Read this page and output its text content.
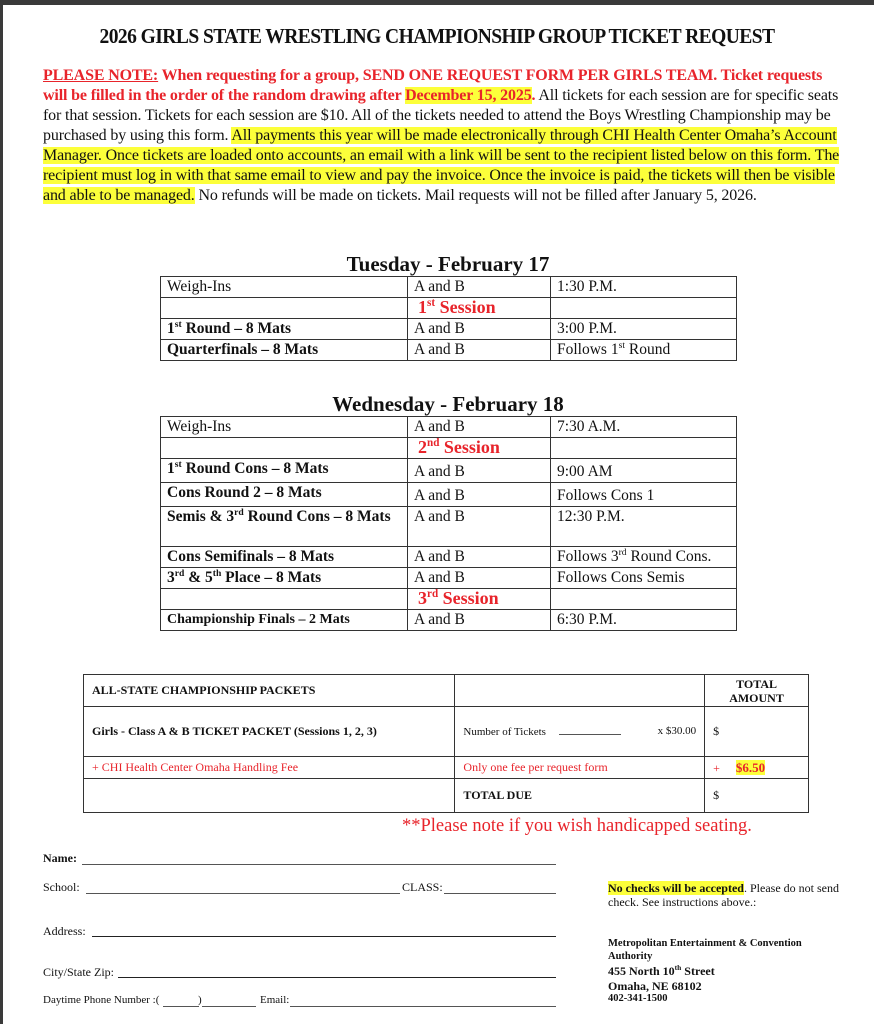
2026 GIRLS STATE WRESTLING CHAMPIONSHIP GROUP TICKET REQUEST
PLEASE NOTE: When requesting for a group, SEND ONE REQUEST FORM PER GIRLS TEAM. Ticket requests will be filled in the order of the random drawing after December 15, 2025. All tickets for each session are for specific seats for that session. Tickets for each session are $10. All of the tickets needed to attend the Boys Wrestling Championship may be purchased by using this form. All payments this year will be made electronically through CHI Health Center Omaha’s Account Manager. Once tickets are loaded onto accounts, an email with a link will be sent to the recipient listed below on this form. The recipient must log in with that same email to view and pay the invoice. Once the invoice is paid, the tickets will then be visible and able to be managed. No refunds will be made on tickets. Mail requests will not be filled after January 5, 2026.
Tuesday - February 17
Weigh-Ins	A and B	1:30 P.M.
	1st Session	
1st Round – 8 Mats	A and B	3:00 P.M.
Quarterfinals – 8 Mats	A and B	Follows 1st Round
Wednesday - February 18
Weigh-Ins	A and B	7:30 A.M.
	2nd Session	
1st Round Cons – 8 Mats	A and B	9:00 AM
Cons Round 2 – 8 Mats	A and B	Follows Cons 1
Semis & 3rd Round Cons – 8 Mats	A and B	12:30 P.M.
Cons Semifinals – 8 Mats	A and B	Follows 3rd Round Cons.
3rd & 5th Place – 8 Mats	A and B	Follows Cons Semis
	3rd Session	
Championship Finals – 2 Mats	A and B	6:30 P.M.
ALL-STATE CHAMPIONSHIP PACKETS		TOTAL AMOUNT
Girls - Class A & B TICKET PACKET (Sessions 1, 2, 3)	Number of Tickets x $30.00	$
+ CHI Health Center Omaha Handling Fee	Only one fee per request form	+ $6.50
	TOTAL DUE	$
**Please note if you wish handicapped seating.
Name:
School:	CLASS:
Address:
City/State Zip:
Daytime Phone Number :(	)	Email:
No checks will be accepted. Please do not send check. See instructions above.:
Metropolitan Entertainment & Convention
Authority
455 North 10th Street
Omaha, NE 68102
402-341-1500
